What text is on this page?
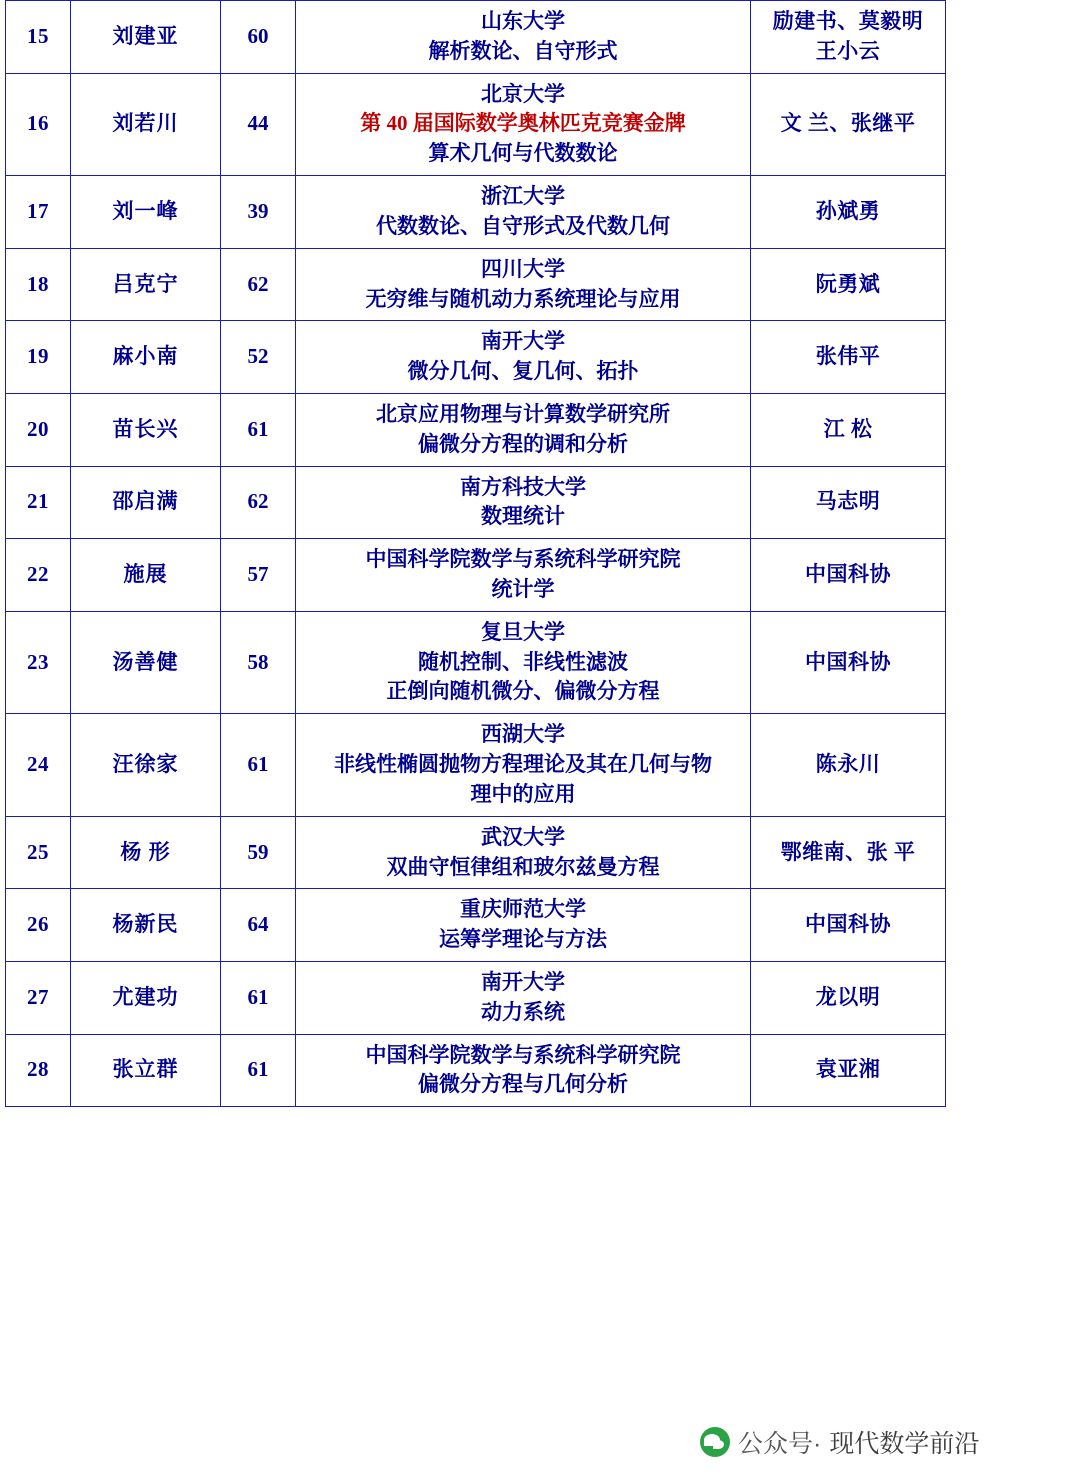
15	刘建亚	60	山东大学
解析数论、自守形式	励建书、莫毅明
王小云

16	刘若川	44	北京大学
第 40 届国际数学奥林匹克竞赛金牌
算术几何与代数数论	文 兰、张继平

17	刘一峰	39	浙江大学
代数数论、自守形式及代数几何	孙斌勇

18	吕克宁	62	四川大学
无穷维与随机动力系统理论与应用	阮勇斌

19	麻小南	52	南开大学
微分几何、复几何、拓扑	张伟平

20	苗长兴	61	北京应用物理与计算数学研究所
偏微分方程的调和分析	江 松

21	邵启满	62	南方科技大学
数理统计	马志明

22	施展	57	中国科学院数学与系统科学研究院
统计学	中国科协

23	汤善健	58	复旦大学
随机控制、非线性滤波
正倒向随机微分、偏微分方程	中国科协

24	汪徐家	61	西湖大学
非线性椭圆抛物方程理论及其在几何与物
理中的应用	陈永川

25	杨 形	59	武汉大学
双曲守恒律组和玻尔兹曼方程	鄂维南、张 平

26	杨新民	64	重庆师范大学
运筹学理论与方法	中国科协

27	尤建功	61	南开大学
动力系统	龙以明

28	张立群	61	中国科学院数学与系统科学研究院
偏微分方程与几何分析	袁亚湘
公众号· 现代数学前沿
